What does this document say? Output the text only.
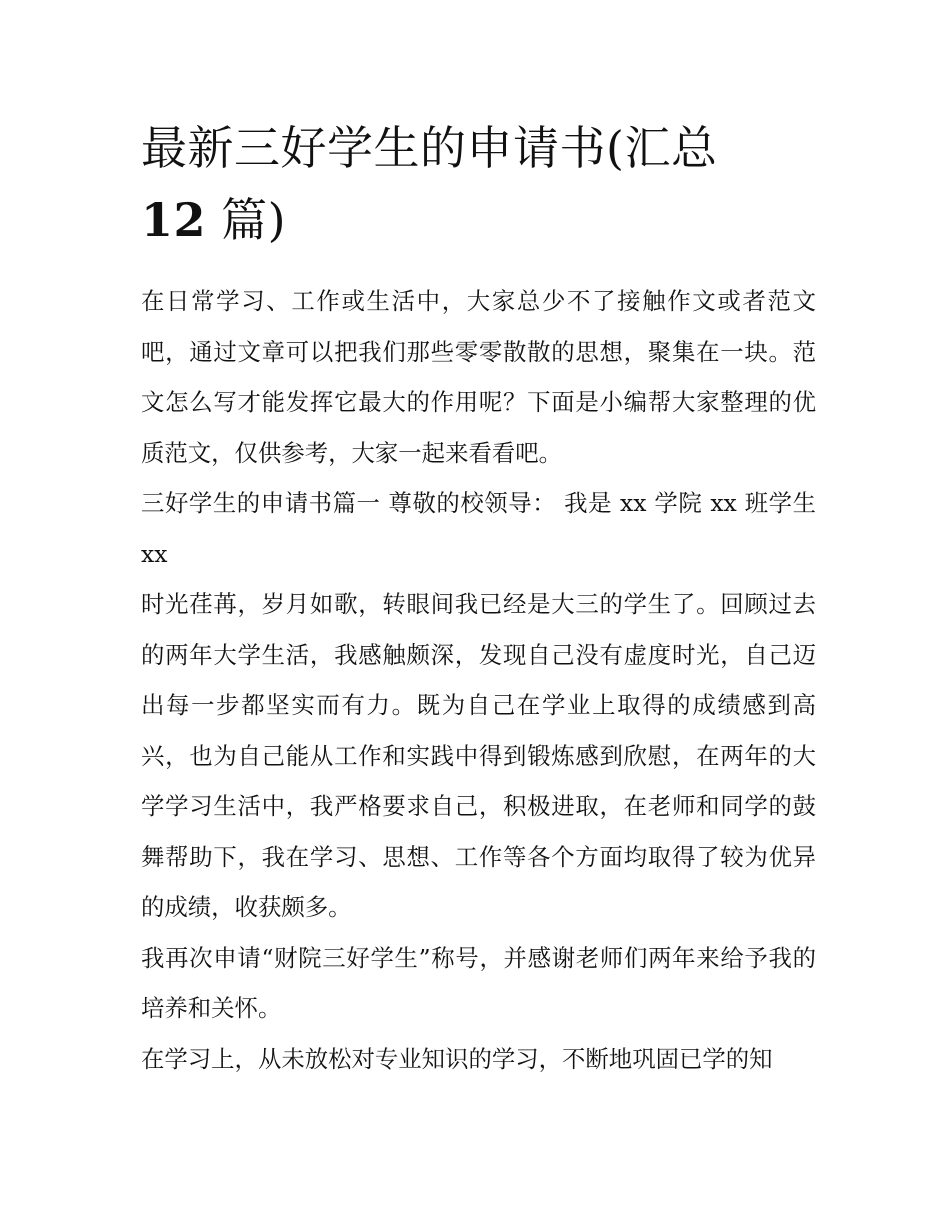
最新三好学生的申请书(汇总
12 篇)

在日常学习、工作或生活中，大家总少不了接触作文或者范文吧，通过文章可以把我们那些零零散散的思想，聚集在一块。范文怎么写才能发挥它最大的作用呢？下面是小编帮大家整理的优质范文，仅供参考，大家一起来看看吧。

三好学生的申请书篇一 尊敬的校领导： 我是 xx 学院 xx 班学生 xx

时光荏苒，岁月如歌，转眼间我已经是大三的学生了。回顾过去的两年大学生活，我感触颇深，发现自己没有虚度时光，自己迈出每一步都坚实而有力。既为自己在学业上取得的成绩感到高兴，也为自己能从工作和实践中得到锻炼感到欣慰，在两年的大学学习生活中，我严格要求自己，积极进取，在老师和同学的鼓舞帮助下，我在学习、思想、工作等各个方面均取得了较为优异的成绩，收获颇多。

我再次申请“财院三好学生”称号，并感谢老师们两年来给予我的培养和关怀。

在学习上，从未放松对专业知识的学习，不断地巩固已学的知
